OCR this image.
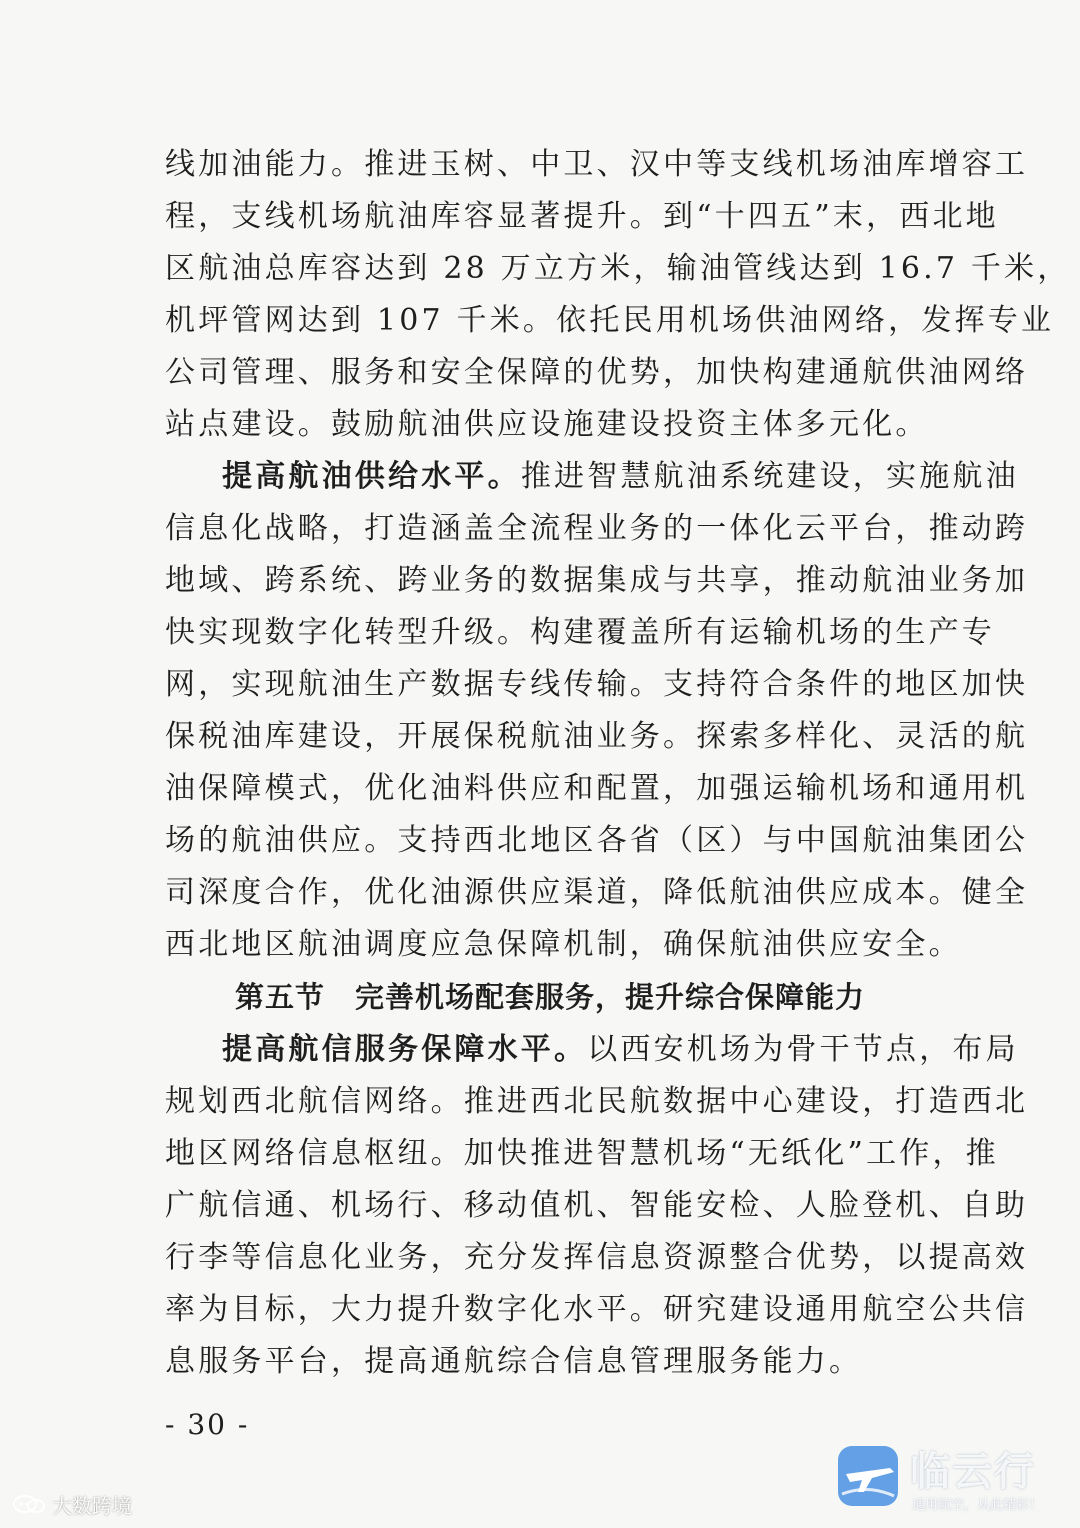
线加油能力。推进玉树、中卫、汉中等支线机场油库增容工
程，支线机场航油库容显著提升。到“十四五”末，西北地
区航油总库容达到 28 万立方米，输油管线达到 16.7 千米，
机坪管网达到 107 千米。依托民用机场供油网络，发挥专业
公司管理、服务和安全保障的优势，加快构建通航供油网络
站点建设。鼓励航油供应设施建设投资主体多元化。
提高航油供给水平。推进智慧航油系统建设，实施航油
信息化战略，打造涵盖全流程业务的一体化云平台，推动跨
地域、跨系统、跨业务的数据集成与共享，推动航油业务加
快实现数字化转型升级。构建覆盖所有运输机场的生产专
网，实现航油生产数据专线传输。支持符合条件的地区加快
保税油库建设，开展保税航油业务。探索多样化、灵活的航
油保障模式，优化油料供应和配置，加强运输机场和通用机
场的航油供应。支持西北地区各省（区）与中国航油集团公
司深度合作，优化油源供应渠道，降低航油供应成本。健全
西北地区航油调度应急保障机制，确保航油供应安全。
第五节 完善机场配套服务，提升综合保障能力
提高航信服务保障水平。以西安机场为骨干节点，布局
规划西北航信网络。推进西北民航数据中心建设，打造西北
地区网络信息枢纽。加快推进智慧机场“无纸化”工作，推
广航信通、机场行、移动值机、智能安检、人脸登机、自助
行李等信息化业务，充分发挥信息资源整合优势，以提高效
率为目标，大力提升数字化水平。研究建设通用航空公共信
息服务平台，提高通航综合信息管理服务能力。
- 30 -
大数跨境
临云行
通用航空，从此精彩！
